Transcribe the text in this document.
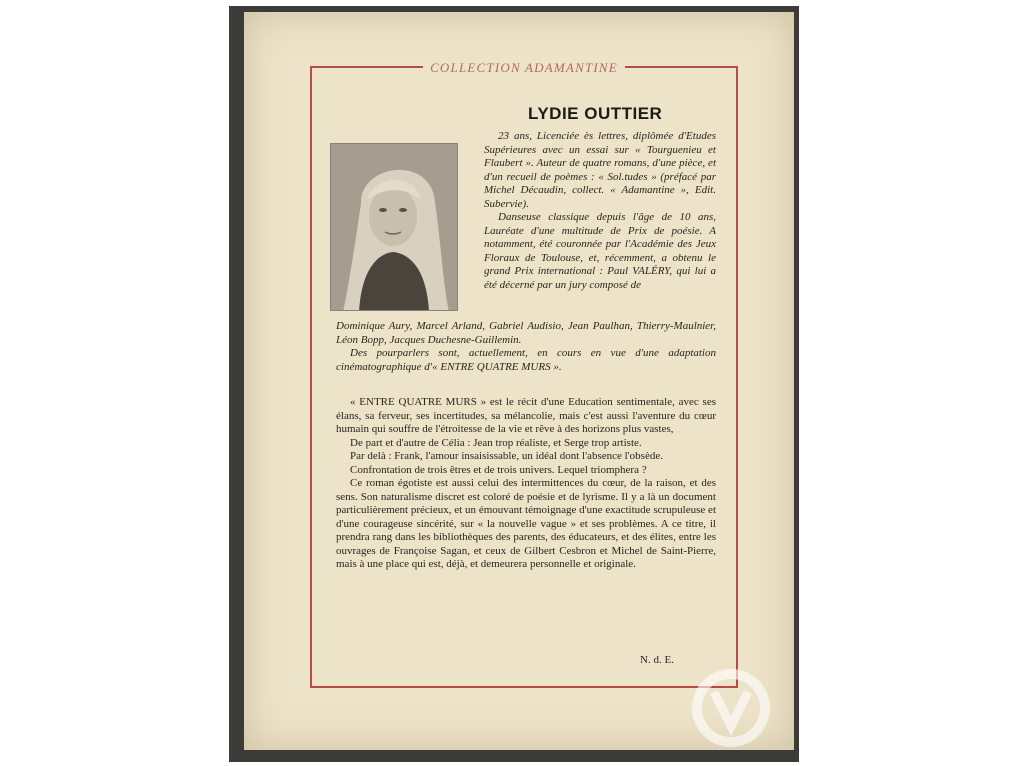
COLLECTION ADAMANTINE
LYDIE OUTTIER

23 ans, Licenciée ès lettres, diplômée d'Etudes Supérieures avec un essai sur « Tourguenieu et Flaubert ». Auteur de quatre romans, d'une pièce, et d'un recueil de poèmes : « Sol.tudes » (préfacé par Michel Décaudin, collect. « Adamantine », Edit. Subervie).

Danseuse classique depuis l'âge de 10 ans, Lauréate d'une multitude de Prix de poésie. A notamment, été couronnée par l'Académie des Jeux Floraux de Toulouse, et, récemment, a obtenu le grand Prix international : Paul VALÉRY, qui lui a été décerné par un jury composé de

Dominique Aury, Marcel Arland, Gabriel Audisio, Jean Paulhan, Thierry-Maulnier, Léon Bopp, Jacques Duchesne-Guillemin.

Des pourparlers sont, actuellement, en cours en vue d'une adaptation cinématographique d'« ENTRE QUATRE MURS ».

« ENTRE QUATRE MURS » est le récit d'une Education sentimentale, avec ses élans, sa ferveur, ses incertitudes, sa mélancolie, mais c'est aussi l'aventure du cœur humain qui souffre de l'étroitesse de la vie et rêve à des horizons plus vastes,

De part et d'autre de Célia : Jean trop réaliste, et Serge trop artiste.

Par delà : Frank, l'amour insaisissable, un idéal dont l'absence l'obsède.

Confrontation de trois êtres et de trois univers. Lequel triomphera ?

Ce roman égotiste est aussi celui des intermittences du cœur, de la raison, et des sens. Son naturalisme discret est coloré de poésie et de lyrisme. Il y a là un document particulièrement précieux, et un émouvant témoignage d'une exactitude scrupuleuse et d'une courageuse sincérité, sur « la nouvelle vague » et ses problèmes. A ce titre, il prendra rang dans les bibliothèques des parents, des éducateurs, et des élites, entre les ouvrages de Françoise Sagan, et ceux de Gilbert Cesbron et Michel de Saint-Pierre, mais à une place qui est, déjà, et demeurera personnelle et originale.

N. d. E.
